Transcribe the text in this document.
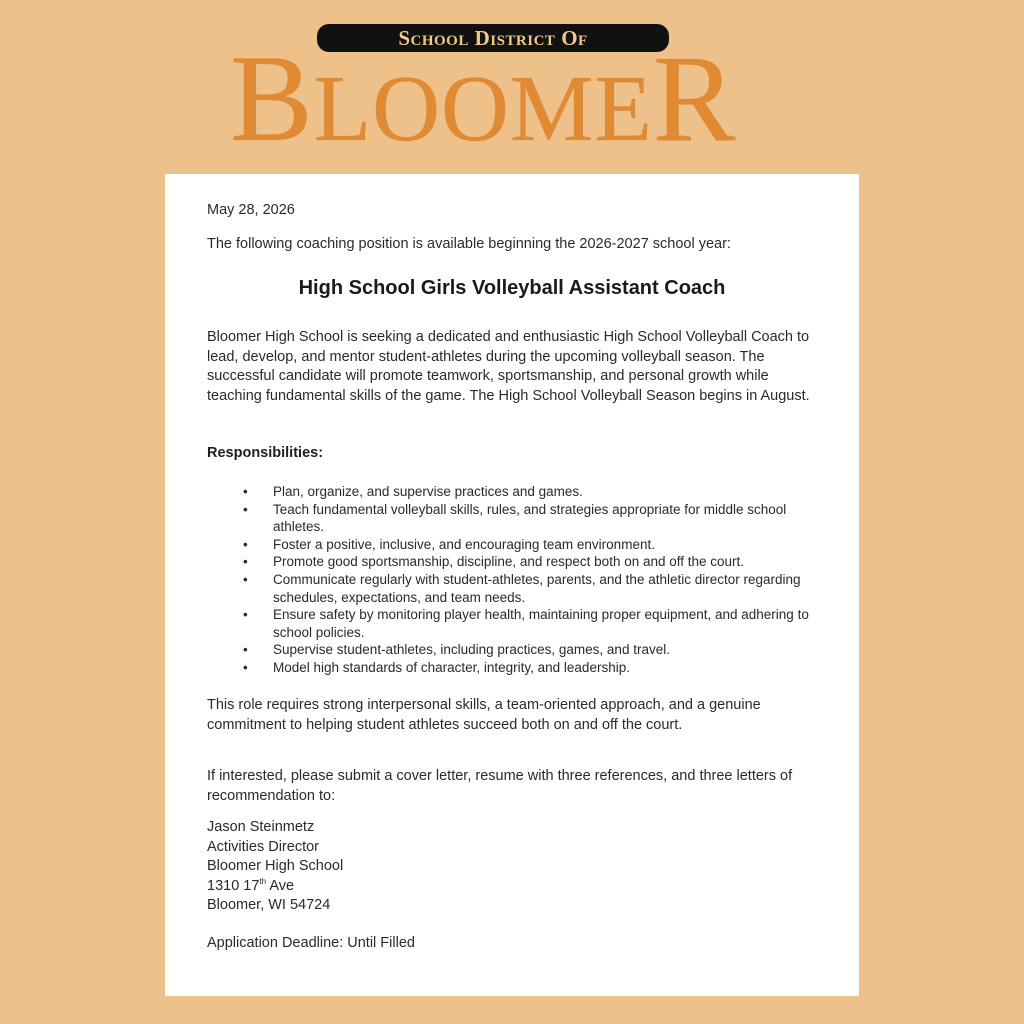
School District Of
BLOOMER
May 28, 2026
The following coaching position is available beginning the 2026-2027 school year:
High School Girls Volleyball Assistant Coach
Bloomer High School is seeking a dedicated and enthusiastic High School Volleyball Coach to lead, develop, and mentor student-athletes during the upcoming volleyball season. The successful candidate will promote teamwork, sportsmanship, and personal growth while teaching fundamental skills of the game. The High School Volleyball Season begins in August.
Responsibilities:
•	Plan, organize, and supervise practices and games.
•	Teach fundamental volleyball skills, rules, and strategies appropriate for middle school athletes.
•	Foster a positive, inclusive, and encouraging team environment.
•	Promote good sportsmanship, discipline, and respect both on and off the court.
•	Communicate regularly with student-athletes, parents, and the athletic director regarding schedules, expectations, and team needs.
•	Ensure safety by monitoring player health, maintaining proper equipment, and adhering to school policies.
•	Supervise student-athletes, including practices, games, and travel.
•	Model high standards of character, integrity, and leadership.
This role requires strong interpersonal skills, a team-oriented approach, and a genuine commitment to helping student athletes succeed both on and off the court.
If interested, please submit a cover letter, resume with three references, and three letters of recommendation to:
Jason Steinmetz
Activities Director
Bloomer High School
1310 17th Ave
Bloomer, WI 54724
Application Deadline: Until Filled
